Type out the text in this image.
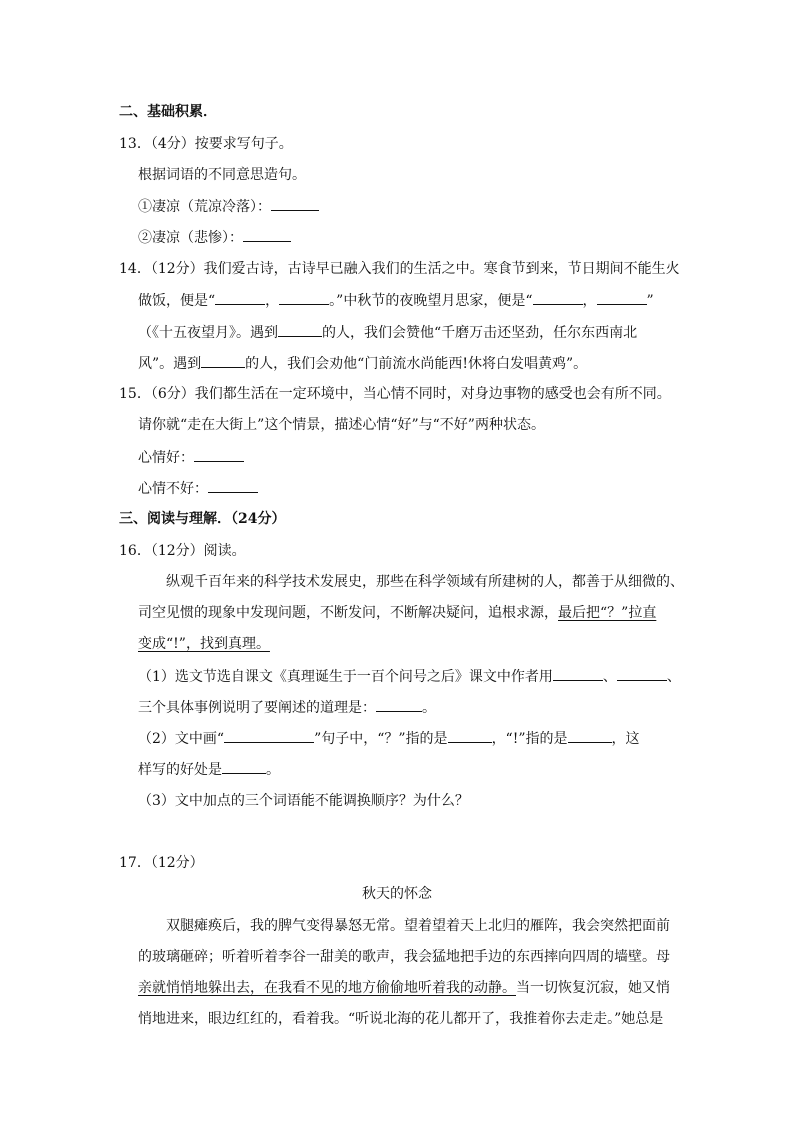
二、基础积累．
13．（4分）按要求写句子。
根据词语的不同意思造句。
①凄凉（荒凉冷落）：
②凄凉（悲惨）：
14．（12分）我们爱古诗，古诗早已融入我们的生活之中。寒食节到来，节日期间不能生火
做饭，便是“	，	。”中秋节的夜晚望月思家，便是“	，	”
（《十五夜望月》。遇到	的人，我们会赞他“千磨万击还坚劲，任尔东西南北
风”。遇到	的人，我们会劝他“门前流水尚能西!休将白发唱黄鸡”。
15．（6分）我们都生活在一定环境中，当心情不同时，对身边事物的感受也会有所不同。
请你就“走在大街上”这个情景，描述心情“好”与“不好”两种状态。
心情好：
心情不好：
三、阅读与理解．（24分）
16．（12分）阅读。
纵观千百年来的科学技术发展史，那些在科学领域有所建树的人，都善于从细微的、
司空见惯的现象中发现问题，不断发问，不断解决疑问，追根求源，最后把“？”拉直
变成“!”，找到真理。
（1）选文节选自课文《真理诞生于一百个问号之后》课文中作者用	、	、
三个具体事例说明了要阐述的道理是：	。
（2）文中画“	”句子中，“？”指的是	，“!”指的是	，这
样写的好处是	。
（3）文中加点的三个词语能不能调换顺序？为什么？
17．（12分）
秋天的怀念
双腿瘫痪后，我的脾气变得暴怒无常。望着望着天上北归的雁阵，我会突然把面前
的玻璃砸碎；听着听着李谷一甜美的歌声，我会猛地把手边的东西摔向四周的墙壁。母
亲就悄悄地躲出去，在我看不见的地方偷偷地听着我的动静。当一切恢复沉寂，她又悄
悄地进来，眼边红红的，看着我。“听说北海的花儿都开了，我推着你去走走。”她总是
